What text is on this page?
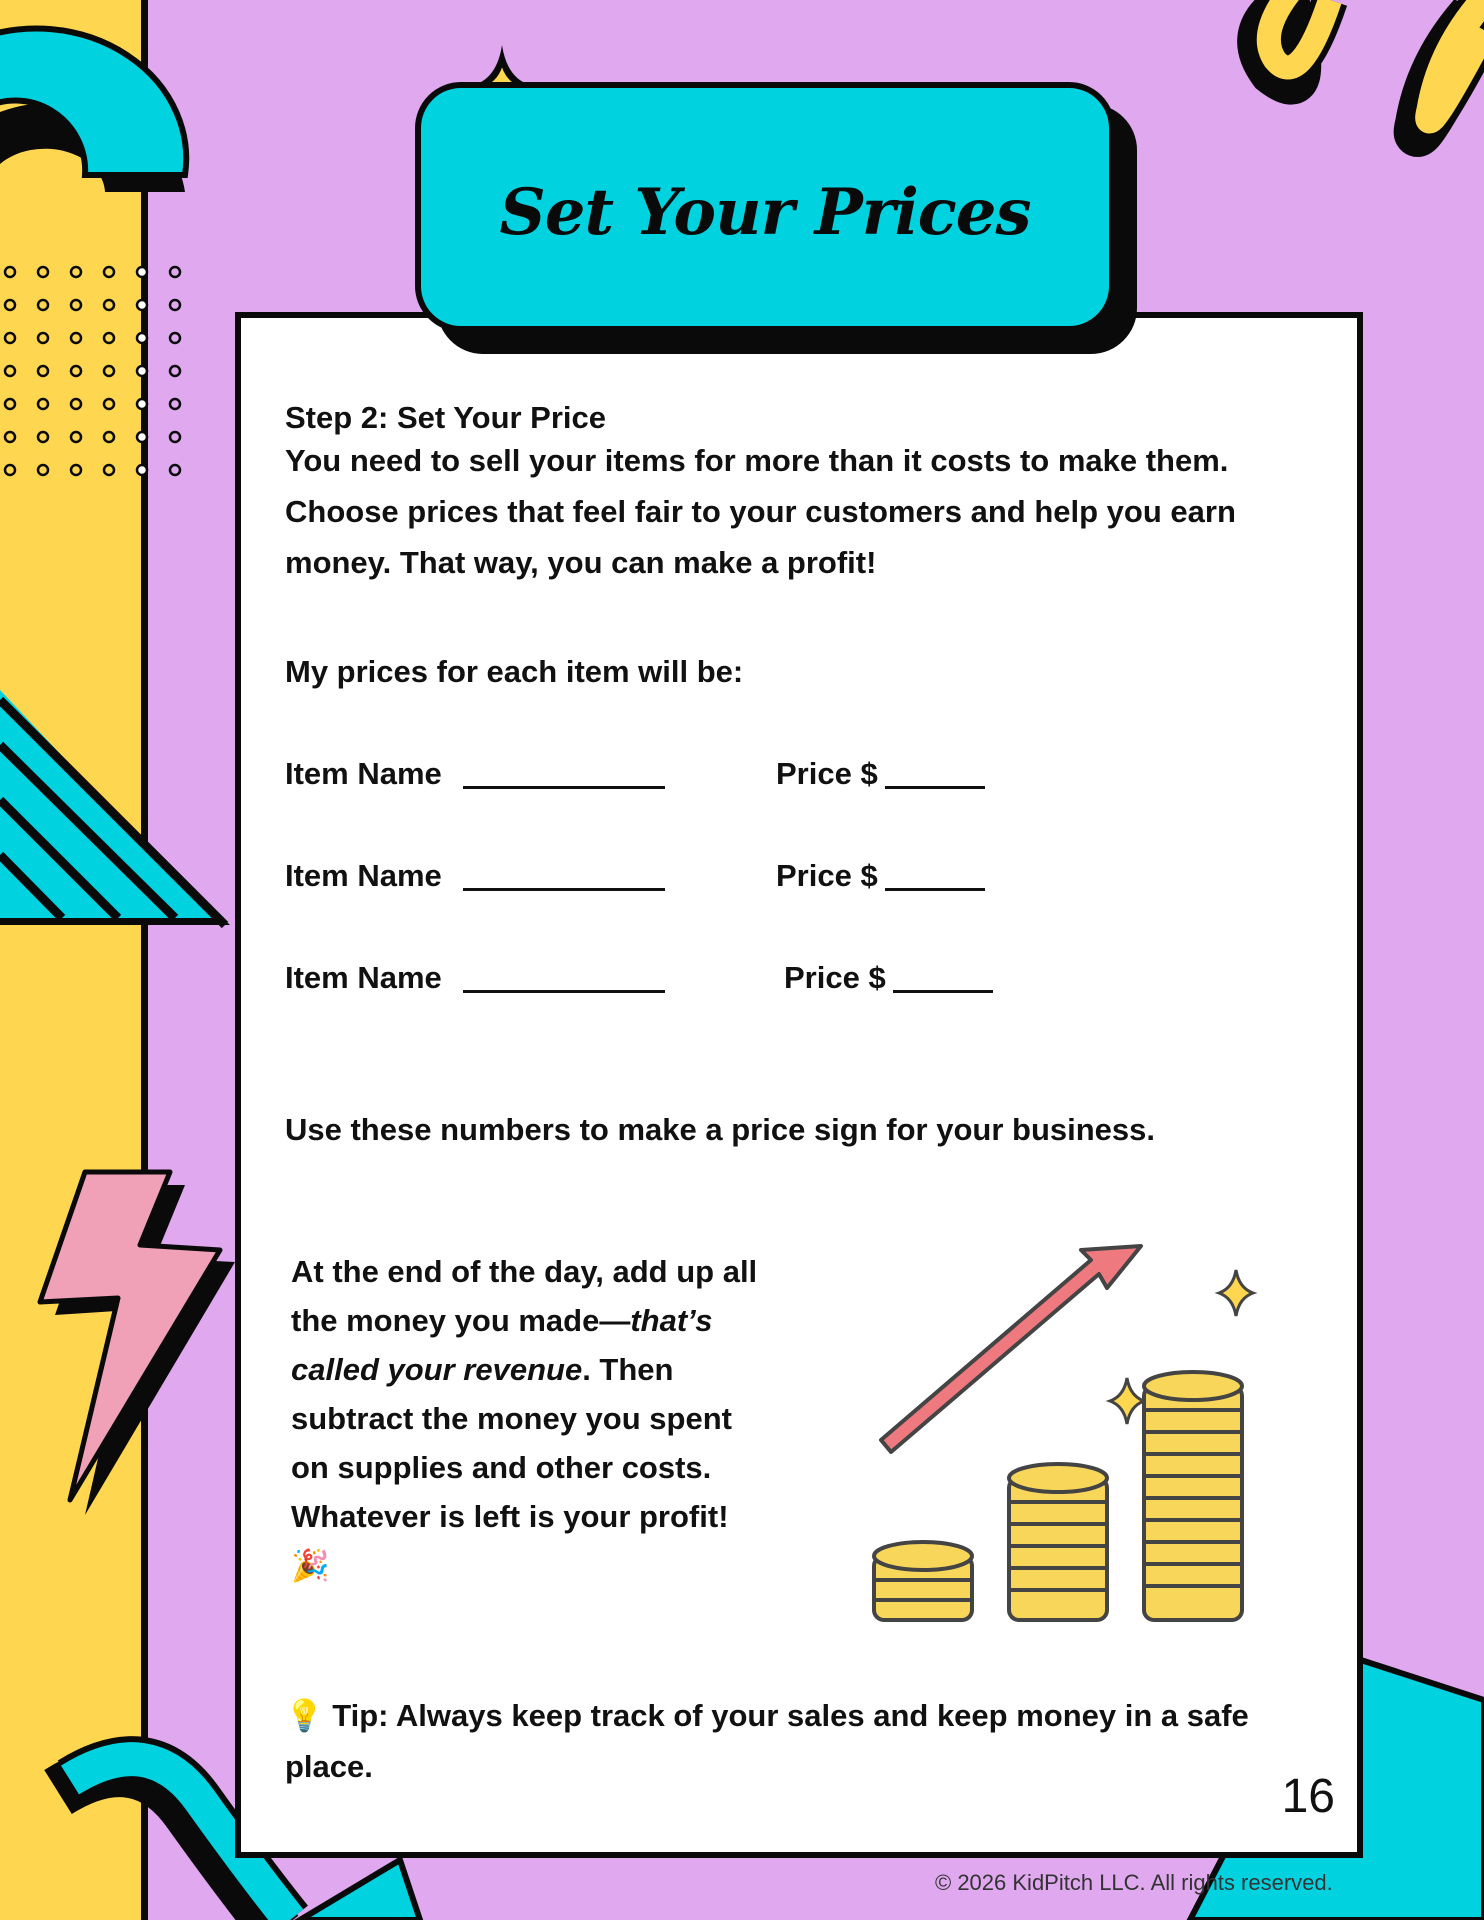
Set Your Prices
Step 2: Set Your Price
You need to sell your items for more than it costs to make them.
Choose prices that feel fair to your customers and help you earn
money. That way, you can make a profit!
My prices for each item will be:
Item Name	Price $
Item Name	Price $
Item Name	Price $
Use these numbers to make a price sign for your business.
At the end of the day, add up all the money you made—that’s called your revenue. Then subtract the money you spent on supplies and other costs. Whatever is left is your profit! 🎉
💡 Tip: Always keep track of your sales and keep money in a safe place.
16
© 2026 KidPitch LLC. All rights reserved.
